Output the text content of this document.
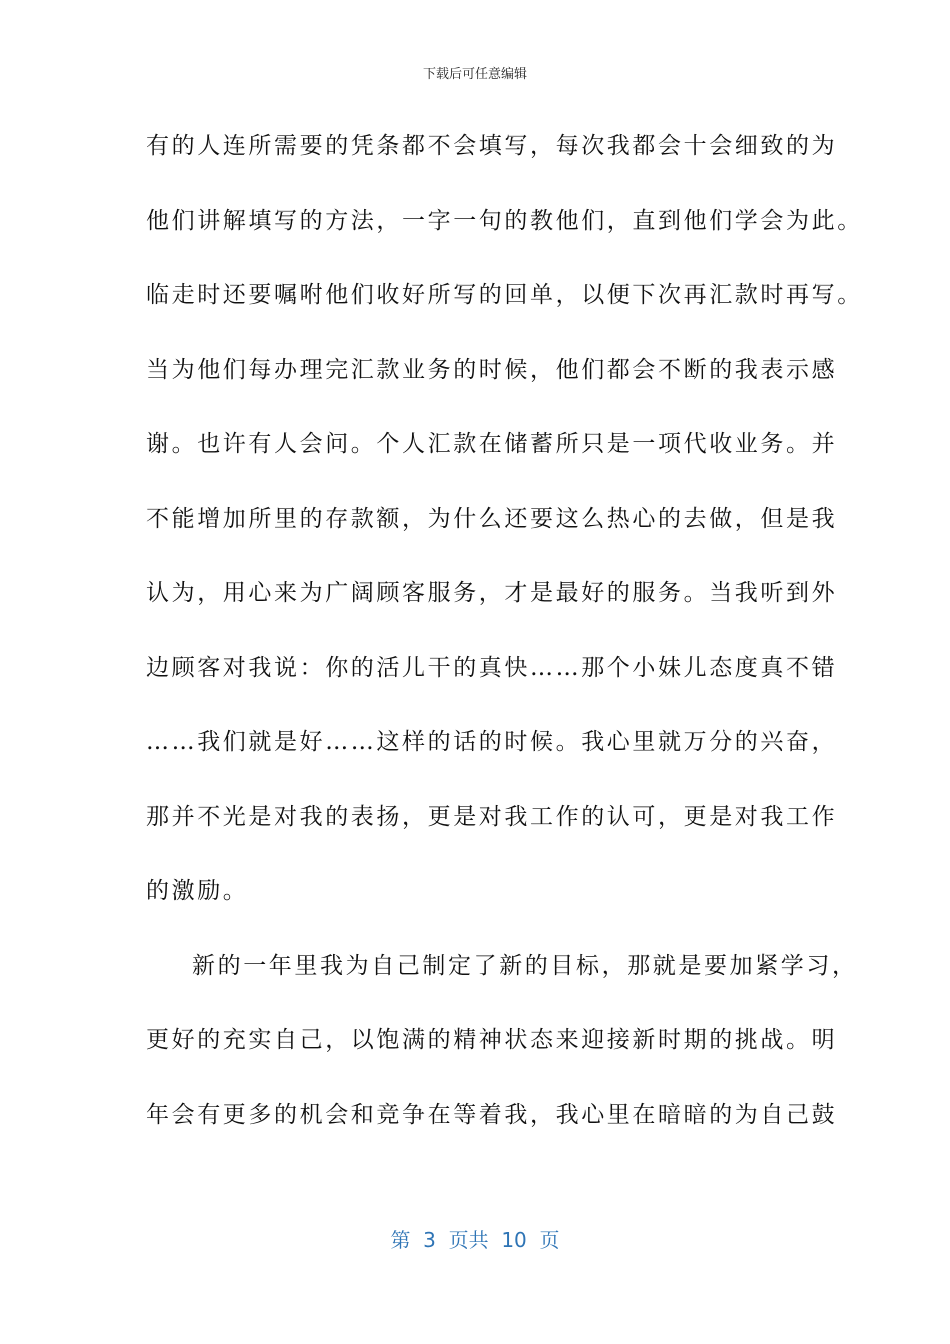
下载后可任意编辑
有的人连所需要的凭条都不会填写，每次我都会十会细致的为
他们讲解填写的方法，一字一句的教他们，直到他们学会为此。
临走时还要嘱咐他们收好所写的回单，以便下次再汇款时再写。
当为他们每办理完汇款业务的时候，他们都会不断的我表示感
谢。也许有人会问。个人汇款在储蓄所只是一项代收业务。并
不能增加所里的存款额，为什么还要这么热心的去做，但是我
认为，用心来为广阔顾客服务，才是最好的服务。当我听到外
边顾客对我说：你的活儿干的真快……那个小妹儿态度真不错
……我们就是好……这样的话的时候。我心里就万分的兴奋，
那并不光是对我的表扬，更是对我工作的认可，更是对我工作
的激励。
新的一年里我为自己制定了新的目标，那就是要加紧学习，
更好的充实自己，以饱满的精神状态来迎接新时期的挑战。明
年会有更多的机会和竞争在等着我，我心里在暗暗的为自己鼓
第  3  页共  10  页
